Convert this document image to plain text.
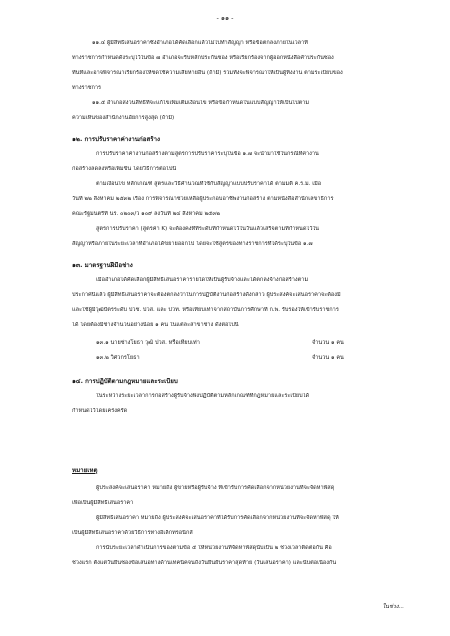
- ๑๑ -
๑๑.๔ ผู้มีสิทธิเสนอราคาซึ่งอำเภอได้คัดเลือกแล้วไม่ไปทำสัญญา หรือข้อตกลงภายในเวลาที่
ทางราชการกำหนดดังระบุไว้ในข้อ ๗ อำเภอจะริบหลักประกันซอง หรือเรียกร้องจากผู้ออกหนังสือค้ำประกันซอง
ทันทีและอาจพิจารณาเรียกร้องให้ชดใช้ความเสียหายอื่น (ถ้ามี) รวมทั้งจะพิจารณาให้เป็นผู้ทิ้งงาน ตามระเบียบของ
ทางราชการ
๑๑.๕ อำเภอสงวนสิทธิ์ที่จะแก้ไขเพิ่มเติมเงื่อนไข หรือข้อกำหนดในแบบสัญญาให้เป็นไปตาม
ความเห็นของสำนักงานอัยการสูงสุด (ถ้ามี)
๑๒. การปรับราคาค่างานก่อสร้าง
การปรับราคาค่างานก่อสร้างตามสูตรการปรับราคาระบุในข้อ ๑.๗ จะนำมาใช้ในกรณีที่ค่างาน
ก่อสร้างลดลงหรือเพิ่มขึ้น โดยวิธีการต่อไปนี้
ตามเงื่อนไข หลักเกณฑ์ สูตรและวิธีคำนวณที่ใช้กับสัญญาแบบปรับราคาได้ ตามมติ ค.ร.ม. เมื่อ
วันที่ ๒๒ สิงหาคม ๒๕๓๒ เรื่อง การพิจารณาช่วยเหลือผู้ประกอบอาชีพงานก่อสร้าง ตามหนังสือสำนักเลขาธิการ
คณะรัฐมนตรีที่ นร. ๐๒๐๓/ว ๑๐๙ ลงวันที่ ๒๔ สิงหาคม ๒๕๓๒
สูตรการปรับราคา (สูตรค่า K) จะต้องคงที่ที่ระดับที่กำหนดไว้ในวันแล้วเสร็จตามที่กำหนดไว้ใน
สัญญาหรือภายในระยะเวลาที่อำเภอได้ขยายออกไป โดยจะใช้สูตรของทางราชการที่ได้ระบุในข้อ ๑.๗
๑๓. มาตรฐานฝีมือช่าง
เมื่ออำเภอได้คัดเลือกผู้มีสิทธิเสนอราคารายใดให้เป็นผู้รับจ้างและได้ตกลงจ้างก่อสร้างตาม
ประกาศนี้แล้ว ผู้มีสิทธิเสนอราคาจะต้องตกลงว่าในการปฏิบัติงานก่อสร้างดังกล่าว ผู้ประสงค์จะเสนอราคาจะต้องมี
และใช้ผู้มีวุฒิบัตรระดับ ปวช. ปวส. และ ปวท. หรือเทียบเท่าจากสถาบันการศึกษาที่ ก.พ. รับรองให้เข้ารับราชการ
ได้ โดยต้องมีช่างจำนวนอย่างน้อย ๑ คน ในแต่ละสาขาช่าง ดังต่อไปนี้
๑๓.๑ นายช่างโยธา วุฒิ ปวส. หรือเทียบเท่า	จำนวน ๑ คน
๑๓.๒ วิศวกรโยธา	จำนวน ๑ คน
๑๔. การปฏิบัติตามกฎหมายและระเบียบ
ในระหว่างระยะเวลาการก่อสร้างผู้รับจ้างพึงปฏิบัติตามหลักเกณฑ์ที่กฎหมายและระเบียบได้
กำหนดไว้โดยเคร่งครัด
หมายเหตุ
ผู้ประสงค์จะเสนอราคา หมายถึง ผู้ขายหรือผู้รับจ้าง ที่เข้ารับการคัดเลือกจากหน่วยงานที่จะจัดหาพัสดุ
เพื่อเป็นผู้มีสิทธิเสนอราคา
ผู้มีสิทธิเสนอราคา หมายถึง ผู้ประสงค์จะเสนอราคาที่ได้รับการคัดเลือกจากหน่วยงานที่จะจัดหาพัสดุ ให้
เป็นผู้มีสิทธิเสนอราคาด้วยวิธีการทางอิเล็กทรอนิกส์
การนับระยะเวลาดำเนินการของตามข้อ ๕ ให้หน่วยงานที่จัดหาพัสดุนับเป็น ๒ ช่วงเวลาติดต่อกัน คือ
ช่วงแรก ตั้งแต่วันยื่นซองข้อเสนอทางด้านเทคนิคจนถึงวันยื่นยันราคาสุดท้าย (วันเสนอราคา) และนับต่อเนื่องกัน
ในช่วง...
